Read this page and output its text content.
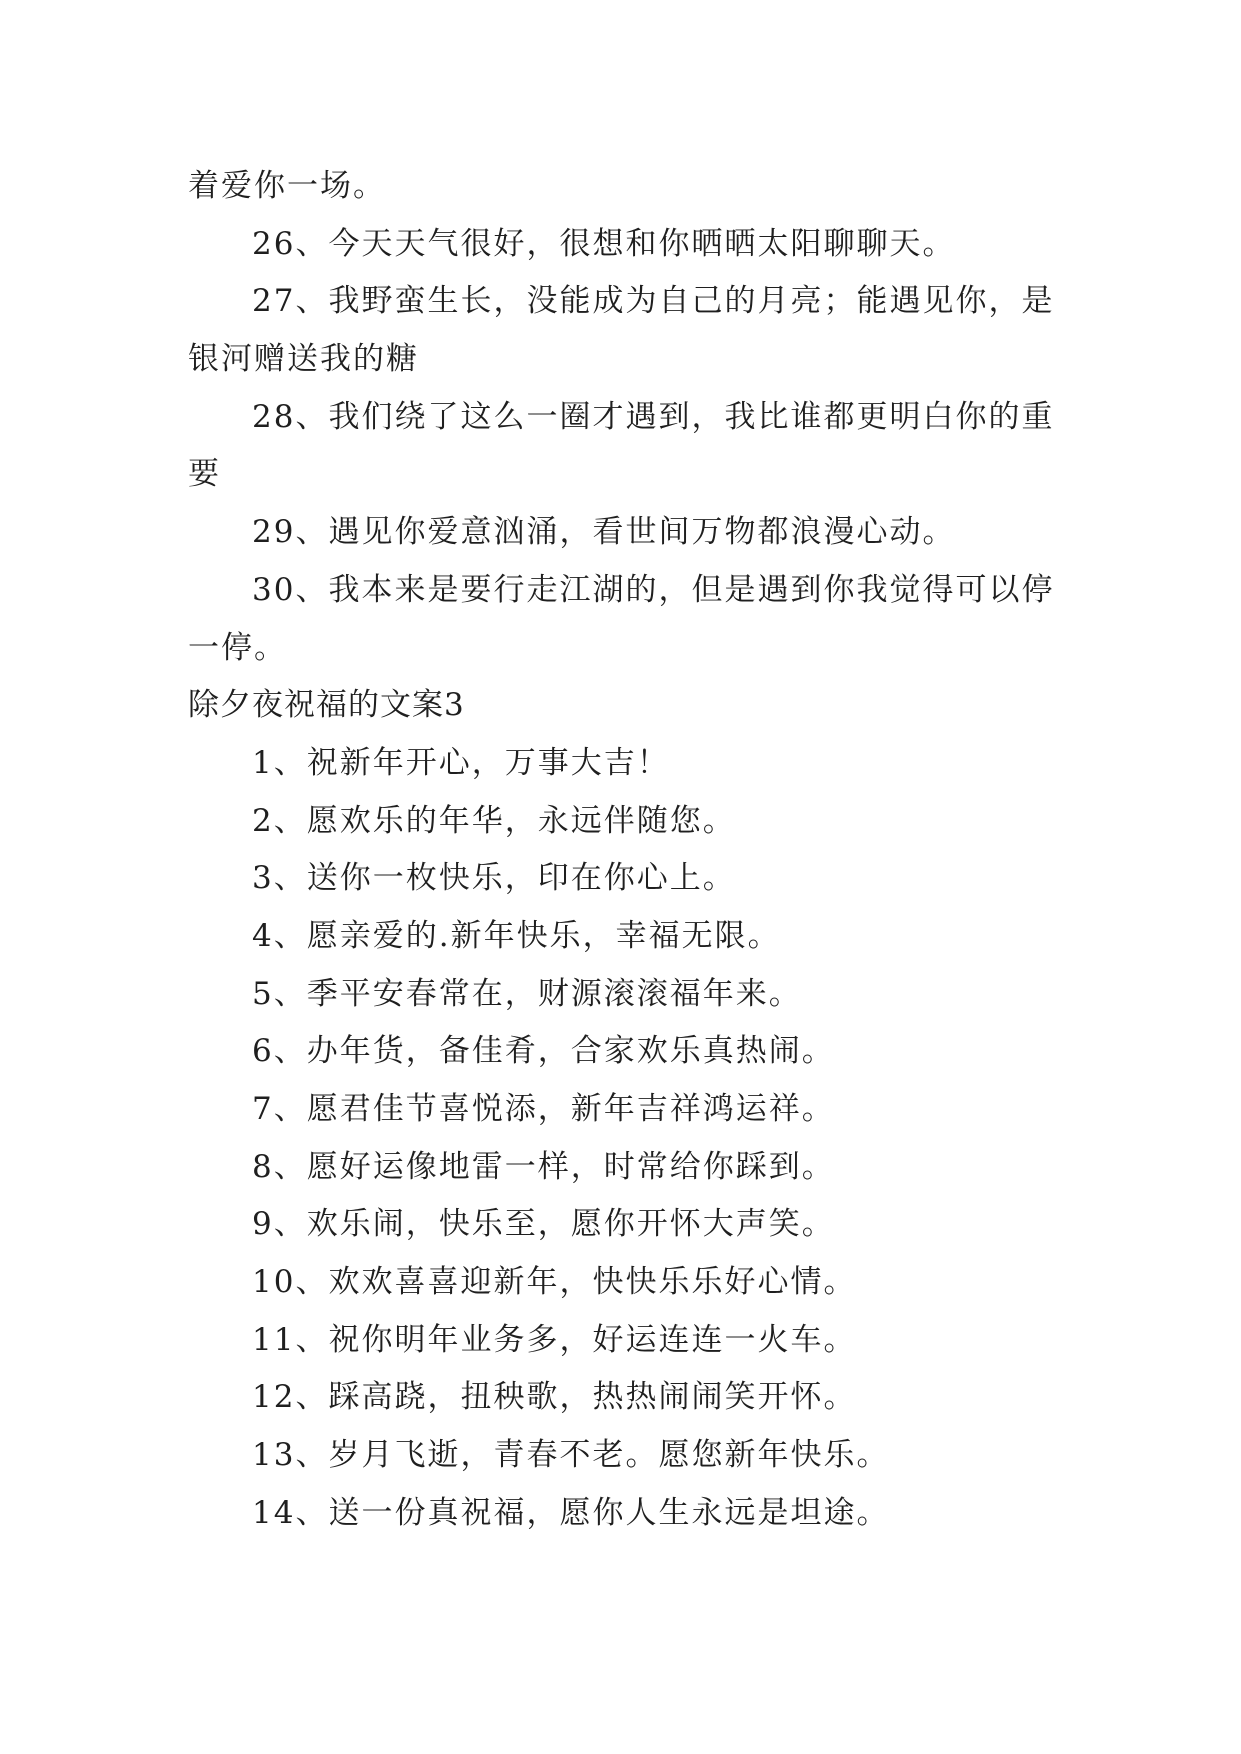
着爱你一场。

26、今天天气很好，很想和你晒晒太阳聊聊天。

27、我野蛮生长，没能成为自己的月亮；能遇见你，是

银河赠送我的糖

28、我们绕了这么一圈才遇到，我比谁都更明白你的重

要

29、遇见你爱意汹涌，看世间万物都浪漫心动。

30、我本来是要行走江湖的，但是遇到你我觉得可以停

一停。

除夕夜祝福的文案3

1、祝新年开心，万事大吉！

2、愿欢乐的年华，永远伴随您。

3、送你一枚快乐，印在你心上。

4、愿亲爱的.新年快乐，幸福无限。

5、季平安春常在，财源滚滚福年来。

6、办年货，备佳肴，合家欢乐真热闹。

7、愿君佳节喜悦添，新年吉祥鸿运祥。

8、愿好运像地雷一样，时常给你踩到。

9、欢乐闹，快乐至，愿你开怀大声笑。

10、欢欢喜喜迎新年，快快乐乐好心情。

11、祝你明年业务多，好运连连一火车。

12、踩高跷，扭秧歌，热热闹闹笑开怀。

13、岁月飞逝，青春不老。愿您新年快乐。

14、送一份真祝福，愿你人生永远是坦途。
